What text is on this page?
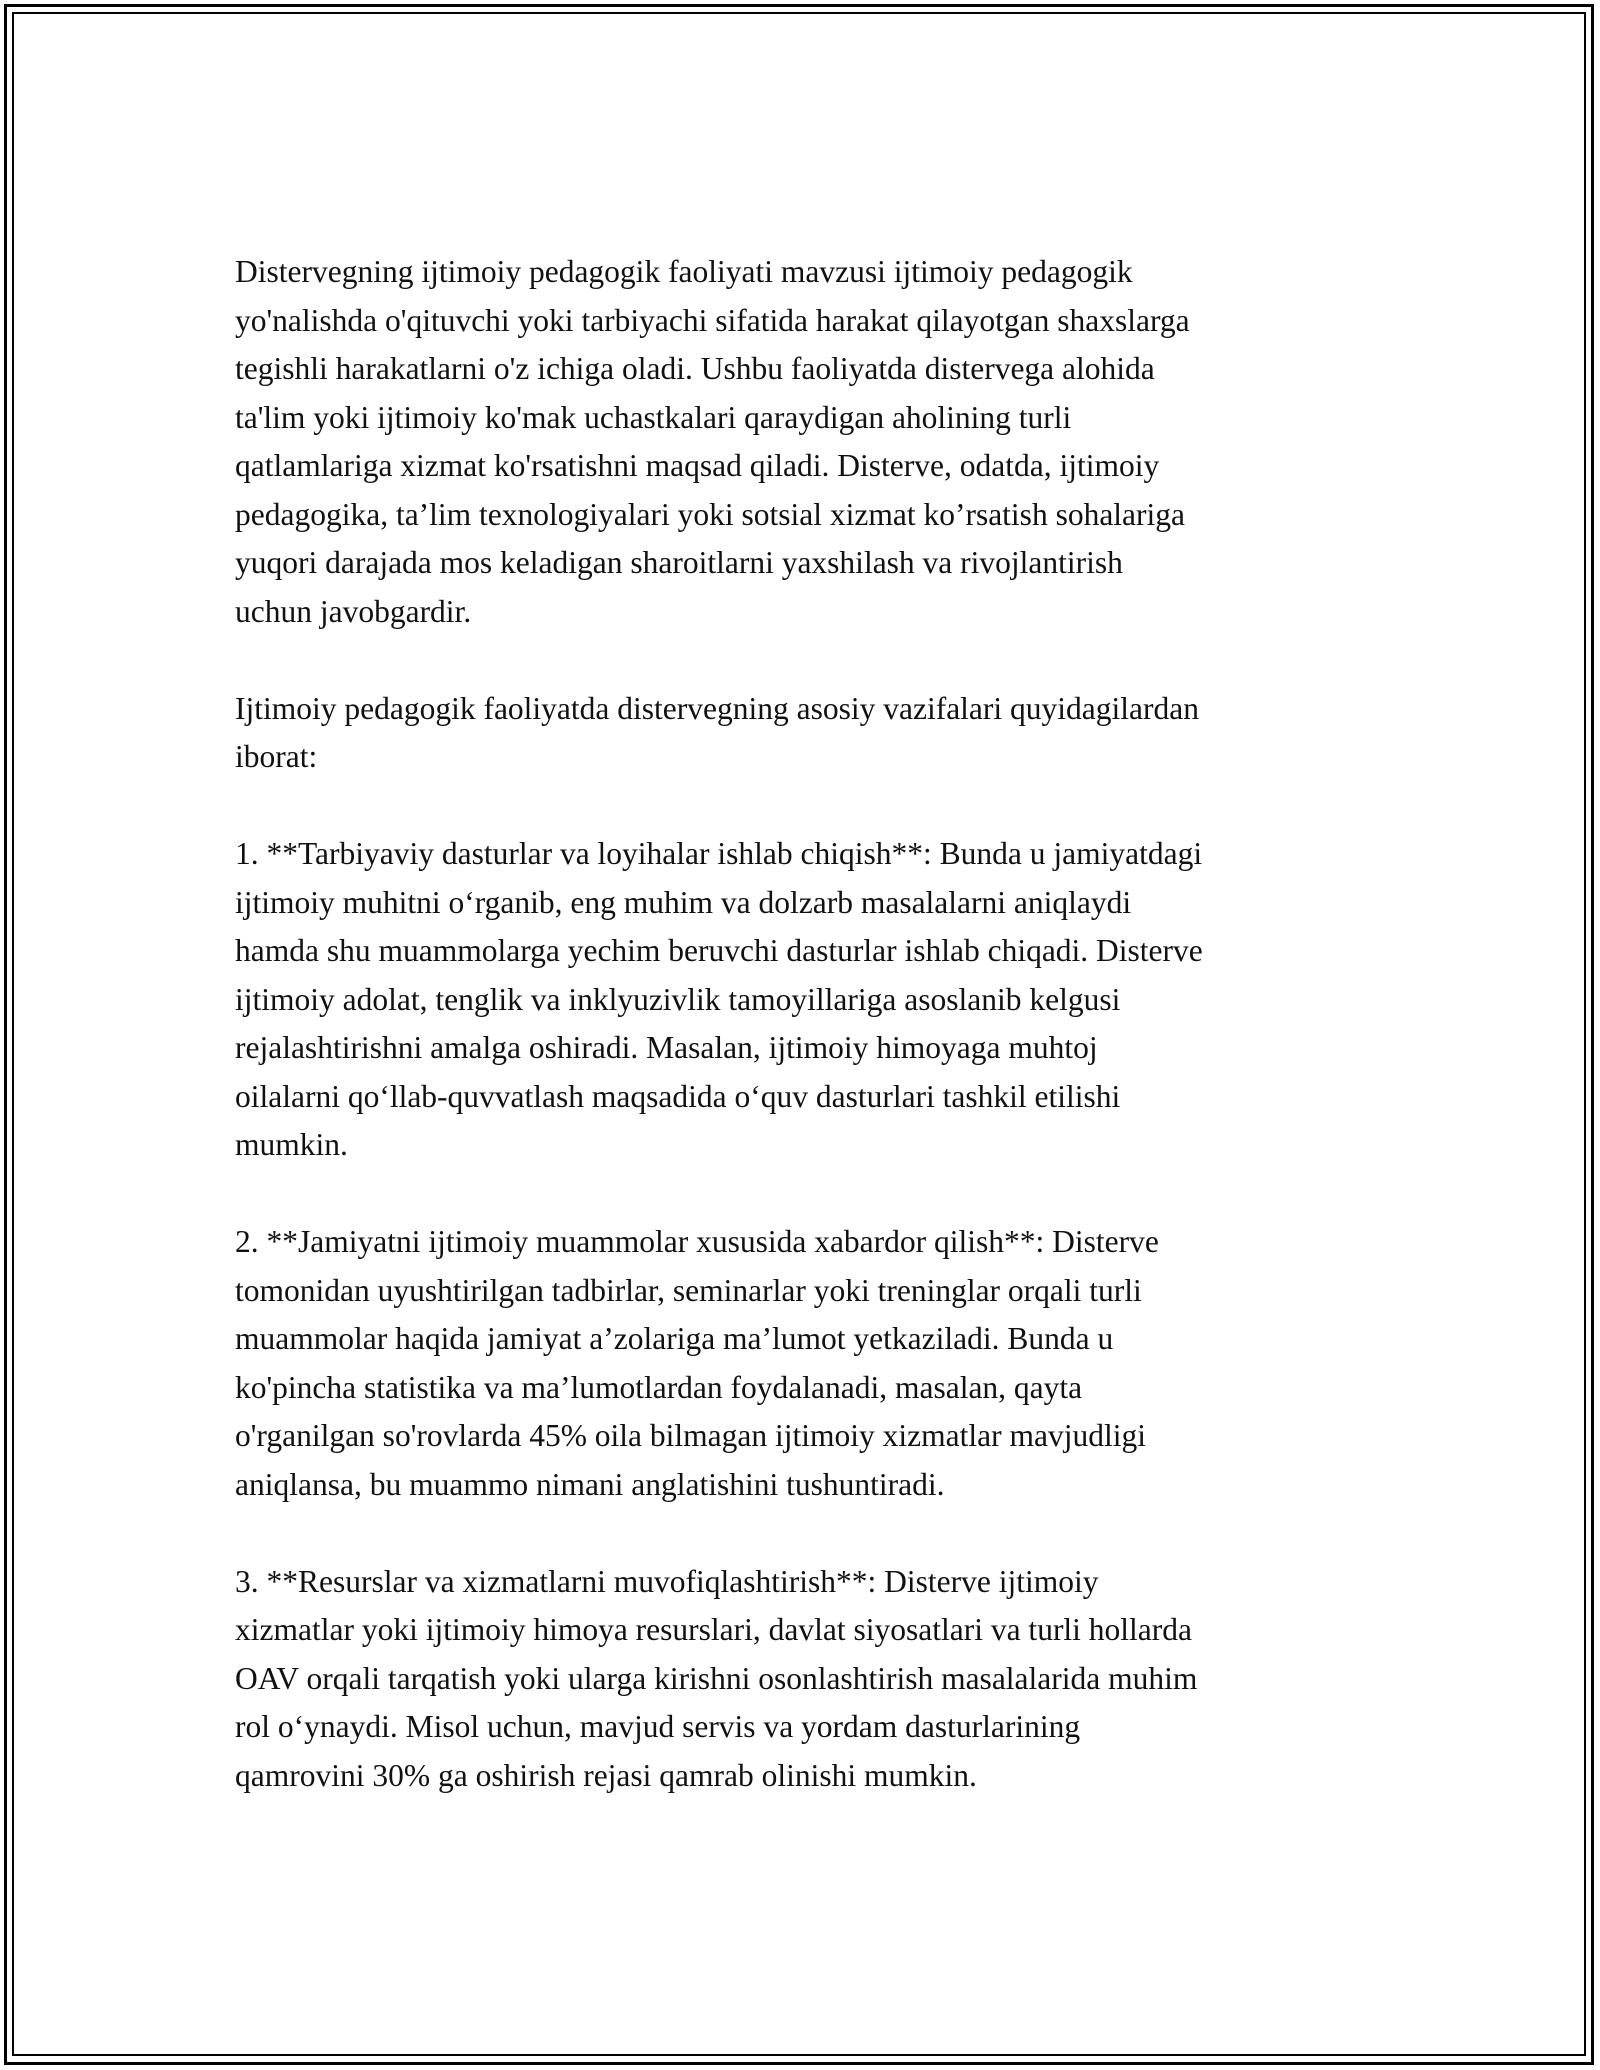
Distervegning ijtimoiy pedagogik faoliyati mavzusi ijtimoiy pedagogik
yo'nalishda o'qituvchi yoki tarbiyachi sifatida harakat qilayotgan shaxslarga
tegishli harakatlarni o'z ichiga oladi. Ushbu faoliyatda distervega alohida
ta'lim yoki ijtimoiy ko'mak uchastkalari qaraydigan aholining turli
qatlamlariga xizmat ko'rsatishni maqsad qiladi. Disterve, odatda, ijtimoiy
pedagogika, ta’lim texnologiyalari yoki sotsial xizmat ko’rsatish sohalariga
yuqori darajada mos keladigan sharoitlarni yaxshilash va rivojlantirish
uchun javobgardir.

Ijtimoiy pedagogik faoliyatda distervegning asosiy vazifalari quyidagilardan
iborat:

1. **Tarbiyaviy dasturlar va loyihalar ishlab chiqish**: Bunda u jamiyatdagi
ijtimoiy muhitni o‘rganib, eng muhim va dolzarb masalalarni aniqlaydi
hamda shu muammolarga yechim beruvchi dasturlar ishlab chiqadi. Disterve
ijtimoiy adolat, tenglik va inklyuzivlik tamoyillariga asoslanib kelgusi
rejalashtirishni amalga oshiradi. Masalan, ijtimoiy himoyaga muhtoj
oilalarni qo‘llab-quvvatlash maqsadida o‘quv dasturlari tashkil etilishi
mumkin.

2. **Jamiyatni ijtimoiy muammolar xususida xabardor qilish**: Disterve
tomonidan uyushtirilgan tadbirlar, seminarlar yoki treninglar orqali turli
muammolar haqida jamiyat a’zolariga ma’lumot yetkaziladi. Bunda u
ko'pincha statistika va ma’lumotlardan foydalanadi, masalan, qayta
o'rganilgan so'rovlarda 45% oila bilmagan ijtimoiy xizmatlar mavjudligi
aniqlansa, bu muammo nimani anglatishini tushuntiradi.

3. **Resurslar va xizmatlarni muvofiqlashtirish**: Disterve ijtimoiy
xizmatlar yoki ijtimoiy himoya resurslari, davlat siyosatlari va turli hollarda
OAV orqali tarqatish yoki ularga kirishni osonlashtirish masalalarida muhim
rol o‘ynaydi. Misol uchun, mavjud servis va yordam dasturlarining
qamrovini 30% ga oshirish rejasi qamrab olinishi mumkin.
